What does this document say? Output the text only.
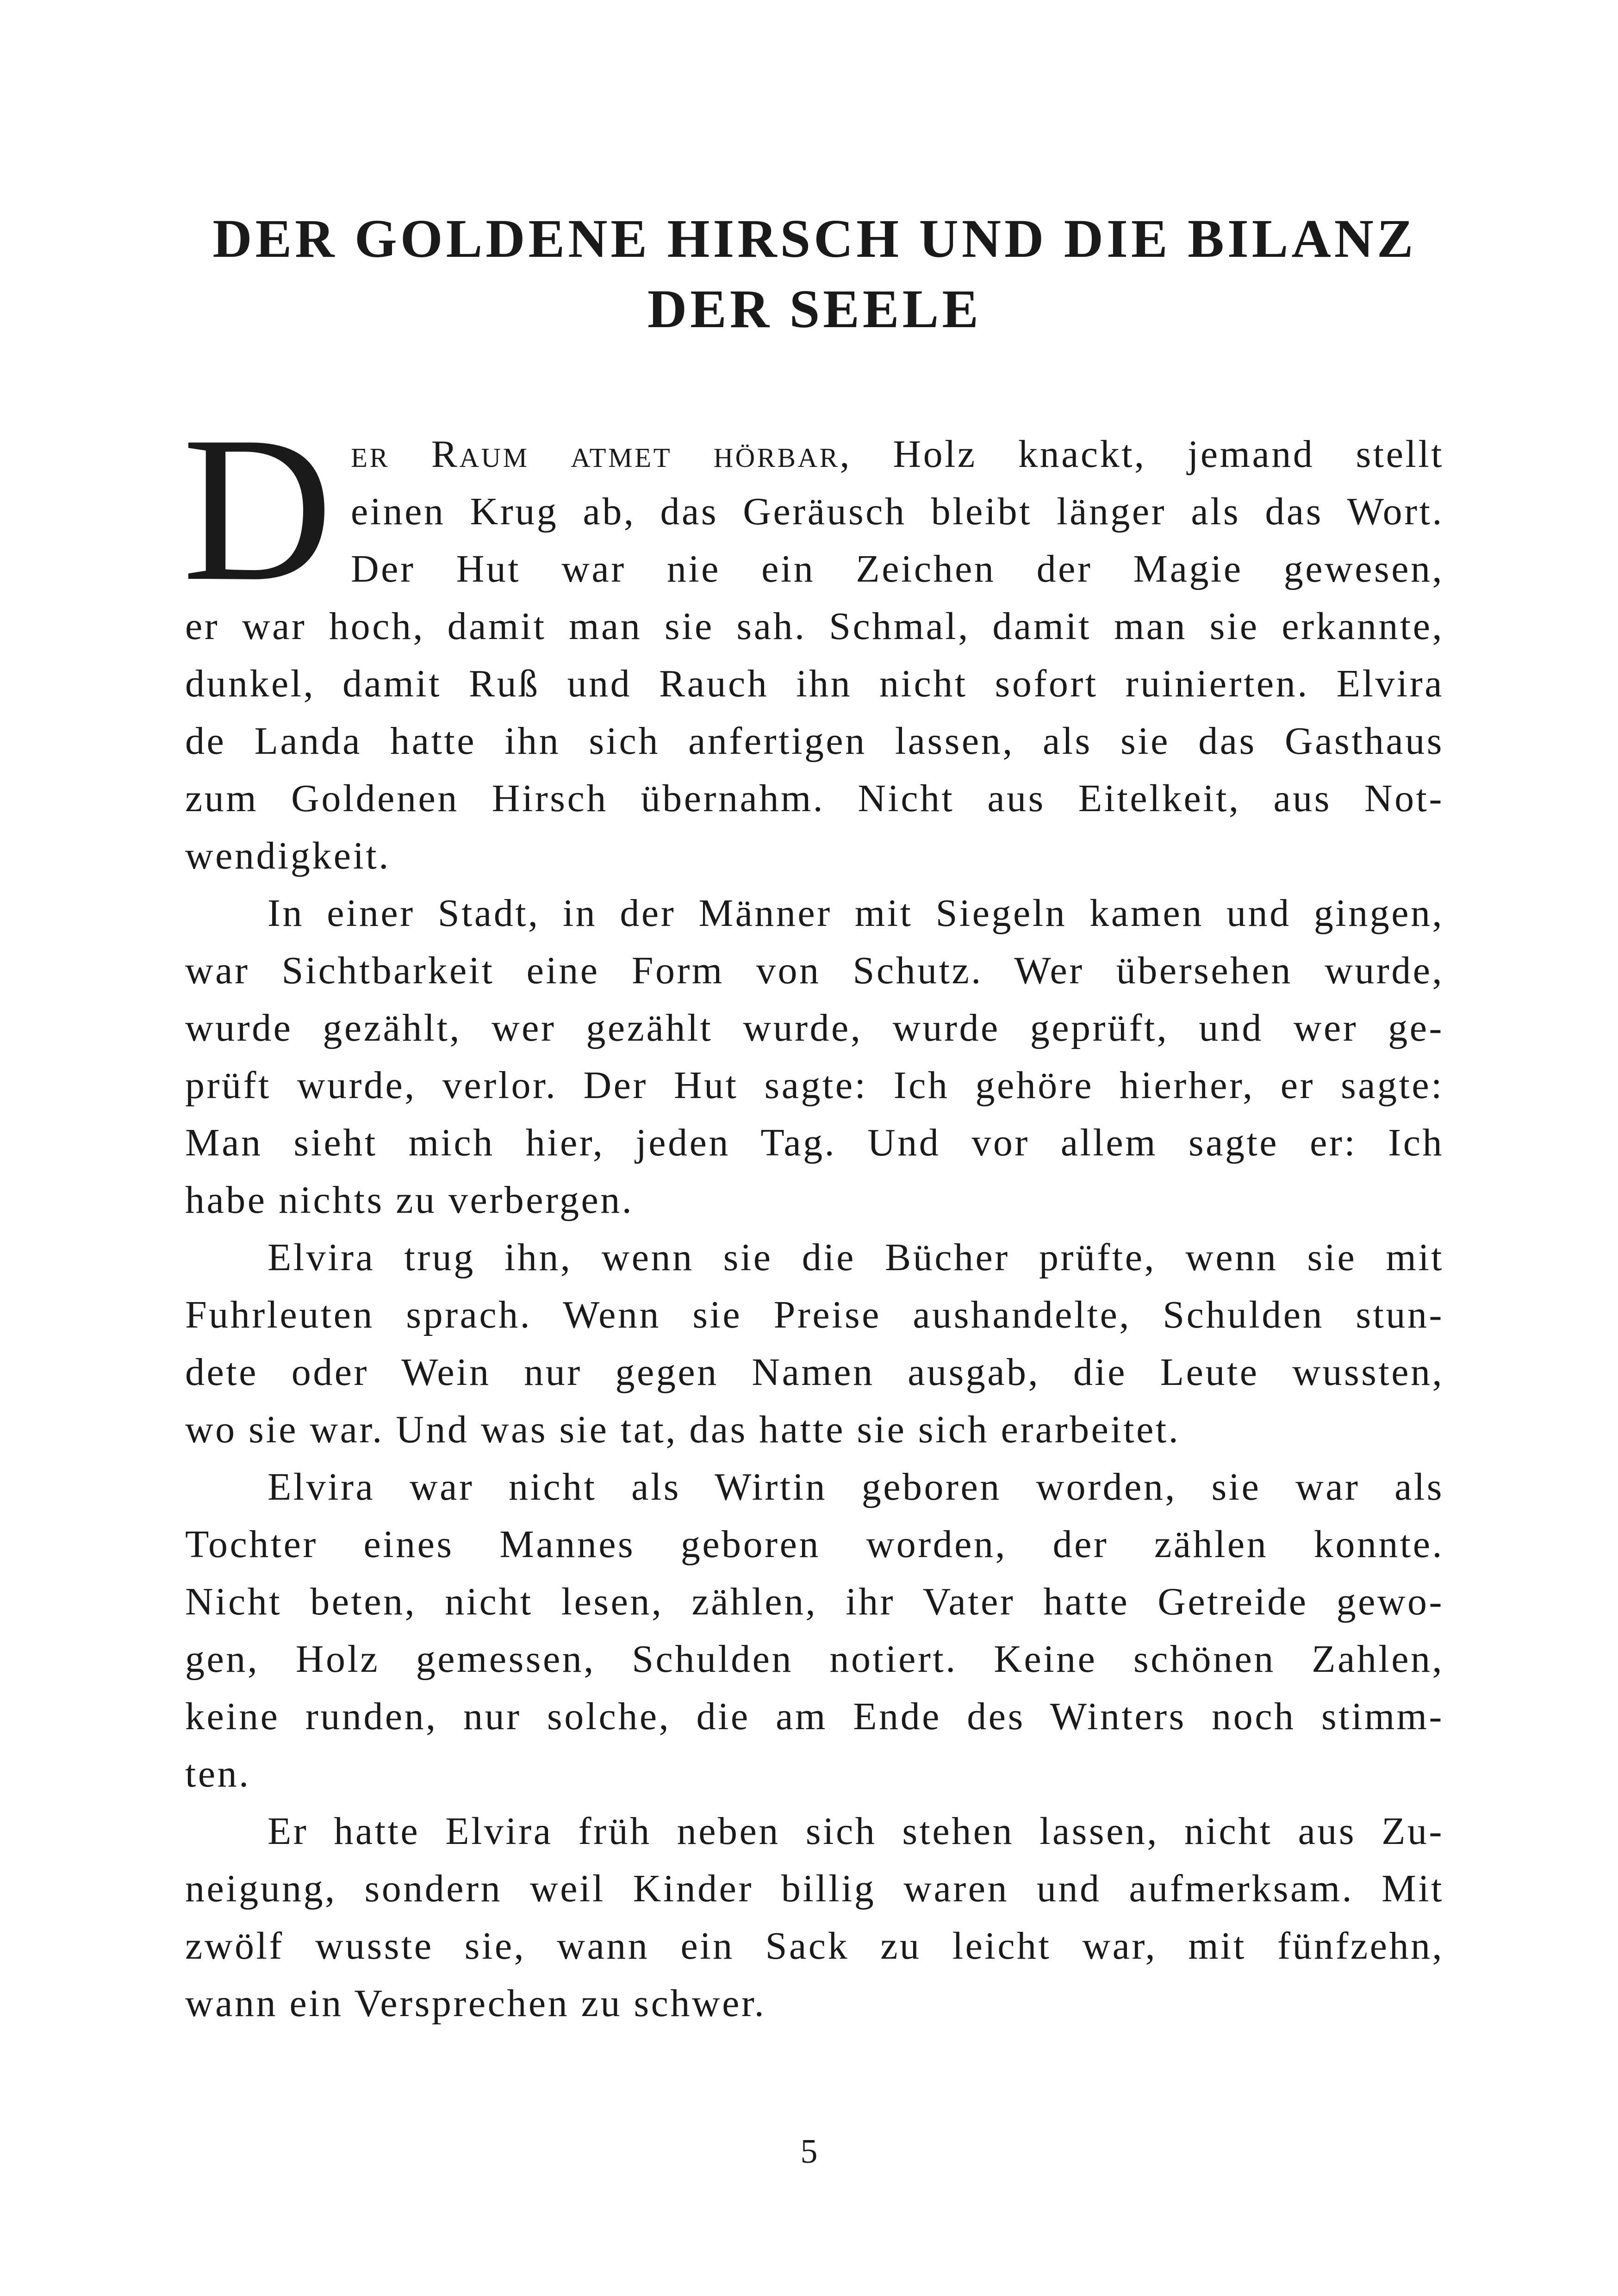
DER GOLDENE HIRSCH UND DIE BILANZ
DER SEELE
D er Raum atmet hörbar, Holz knackt, jemand stellt
einen Krug ab, das Geräusch bleibt länger als das Wort.
Der Hut war nie ein Zeichen der Magie gewesen,
er war hoch, damit man sie sah. Schmal, damit man sie erkannte,
dunkel, damit Ruß und Rauch ihn nicht sofort ruinierten. Elvira
de Landa hatte ihn sich anfertigen lassen, als sie das Gasthaus
zum Goldenen Hirsch übernahm. Nicht aus Eitelkeit, aus Not-
wendigkeit.
In einer Stadt, in der Männer mit Siegeln kamen und gingen,
war Sichtbarkeit eine Form von Schutz. Wer übersehen wurde,
wurde gezählt, wer gezählt wurde, wurde geprüft, und wer ge-
prüft wurde, verlor. Der Hut sagte: Ich gehöre hierher, er sagte:
Man sieht mich hier, jeden Tag. Und vor allem sagte er: Ich
habe nichts zu verbergen.
Elvira trug ihn, wenn sie die Bücher prüfte, wenn sie mit
Fuhrleuten sprach. Wenn sie Preise aushandelte, Schulden stun-
dete oder Wein nur gegen Namen ausgab, die Leute wussten,
wo sie war. Und was sie tat, das hatte sie sich erarbeitet.
Elvira war nicht als Wirtin geboren worden, sie war als
Tochter eines Mannes geboren worden, der zählen konnte.
Nicht beten, nicht lesen, zählen, ihr Vater hatte Getreide gewo-
gen, Holz gemessen, Schulden notiert. Keine schönen Zahlen,
keine runden, nur solche, die am Ende des Winters noch stimm-
ten.
Er hatte Elvira früh neben sich stehen lassen, nicht aus Zu-
neigung, sondern weil Kinder billig waren und aufmerksam. Mit
zwölf wusste sie, wann ein Sack zu leicht war, mit fünfzehn,
wann ein Versprechen zu schwer.
5
